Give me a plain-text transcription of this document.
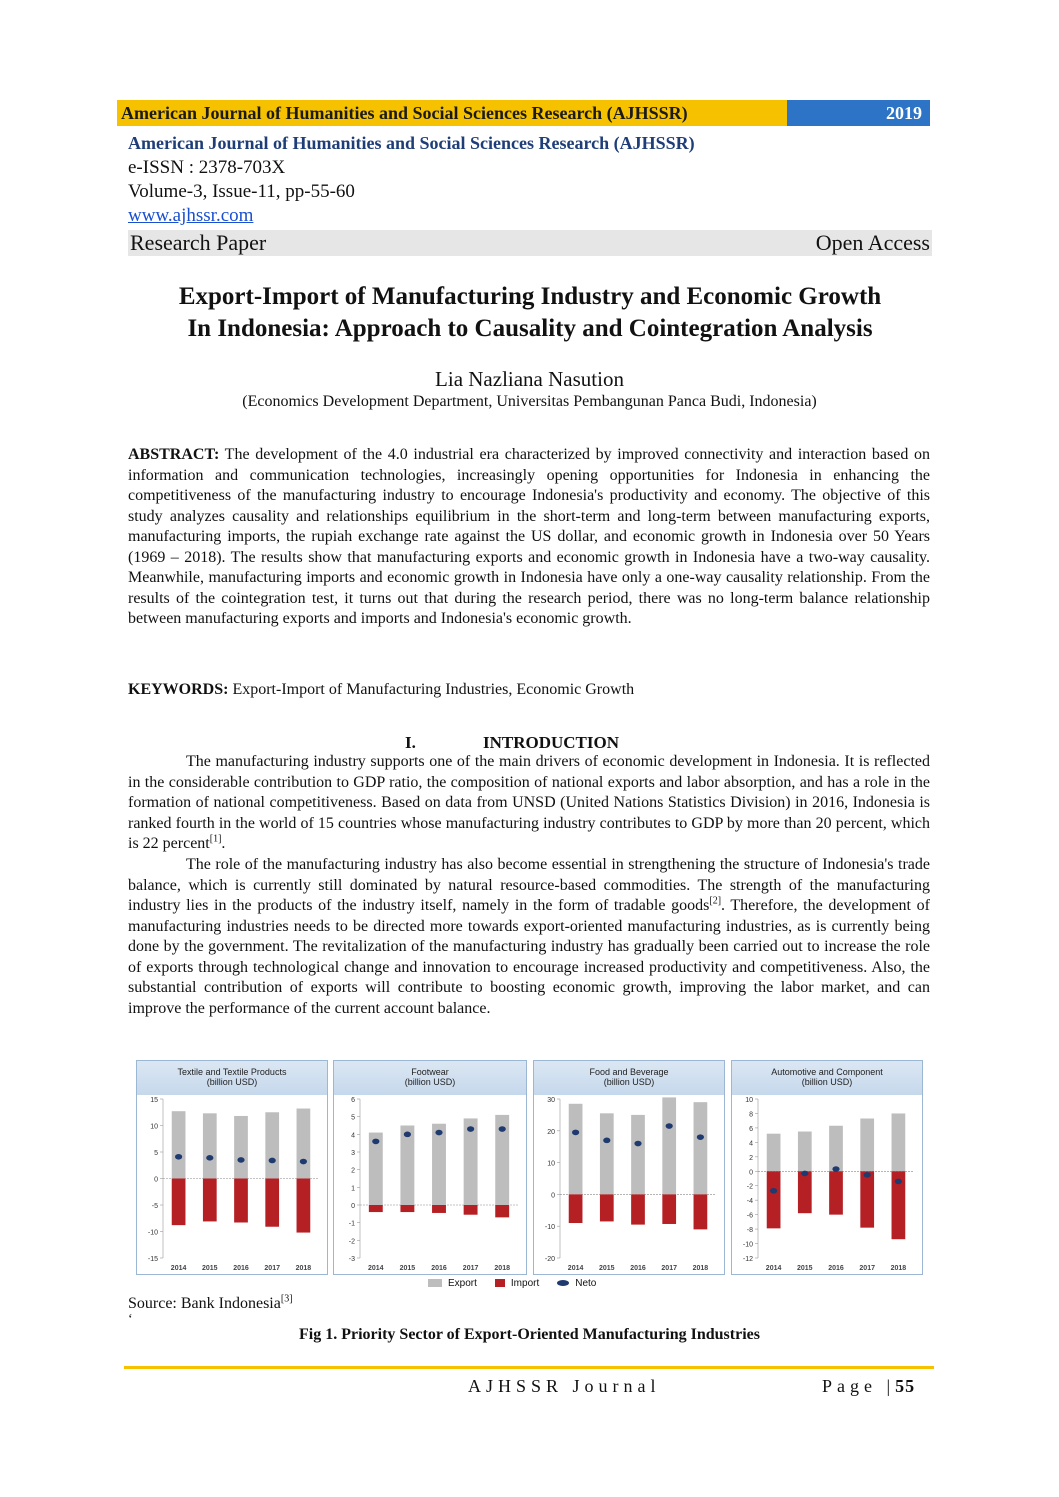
American Journal of Humanities and Social Sciences Research (AJHSSR)	2019
American Journal of Humanities and Social Sciences Research (AJHSSR)
e-ISSN : 2378-703X
Volume-3, Issue-11, pp-55-60
www.ajhssr.com
Research Paper	Open Access
Export-Import of Manufacturing Industry and Economic Growth
In Indonesia: Approach to Causality and Cointegration Analysis
Lia Nazliana Nasution
(Economics Development Department, Universitas Pembangunan Panca Budi, Indonesia)
ABSTRACT: The development of the 4.0 industrial era characterized by improved connectivity and interaction based on information and communication technologies, increasingly opening opportunities for Indonesia in enhancing the competitiveness of the manufacturing industry to encourage Indonesia's productivity and economy. The objective of this study analyzes causality and relationships equilibrium in the short-term and long-term between manufacturing exports, manufacturing imports, the rupiah exchange rate against the US dollar, and economic growth in Indonesia over 50 Years (1969 – 2018). The results show that manufacturing exports and economic growth in Indonesia have a two-way causality. Meanwhile, manufacturing imports and economic growth in Indonesia have only a one-way causality relationship. From the results of the cointegration test, it turns out that during the research period, there was no long-term balance relationship between manufacturing exports and imports and Indonesia's economic growth.
KEYWORDS: Export-Import of Manufacturing Industries, Economic Growth
I.	INTRODUCTION
The manufacturing industry supports one of the main drivers of economic development in Indonesia. It is reflected in the considerable contribution to GDP ratio, the composition of national exports and labor absorption, and has a role in the formation of national competitiveness. Based on data from UNSD (United Nations Statistics Division) in 2016, Indonesia is ranked fourth in the world of 15 countries whose manufacturing industry contributes to GDP by more than 20 percent, which is 22 percent[1].
The role of the manufacturing industry has also become essential in strengthening the structure of Indonesia's trade balance, which is currently still dominated by natural resource-based commodities. The strength of the manufacturing industry lies in the products of the industry itself, namely in the form of tradable goods[2]. Therefore, the development of manufacturing industries needs to be directed more towards export-oriented manufacturing industries, as is currently being done by the government. The revitalization of the manufacturing industry has gradually been carried out to increase the role of exports through technological change and innovation to encourage increased productivity and competitiveness. Also, the substantial contribution of exports will contribute to boosting economic growth, improving the labor market, and can improve the performance of the current account balance.
Textile and Textile Products
(billion USD)
15
10
5
0
-5
-10
-15
2014 2015 2016 2017 2018
Footwear
(billion USD)
6
5
4
3
2
1
0
-1
-2
-3
2014 2015 2016 2017 2018
Food and Beverage
(billion USD)
30
20
10
0
-10
-20
2014 2015 2016 2017 2018
Automotive and Component
(billion USD)
10
8
6
4
2
0
-2
-4
-6
-8
-10
-12
2014 2015 2016 2017 2018
Export	Import	Neto
Source: Bank Indonesia[3]
‘
Fig 1. Priority Sector of Export-Oriented Manufacturing Industries
AJHSSR Journal	Page |55
